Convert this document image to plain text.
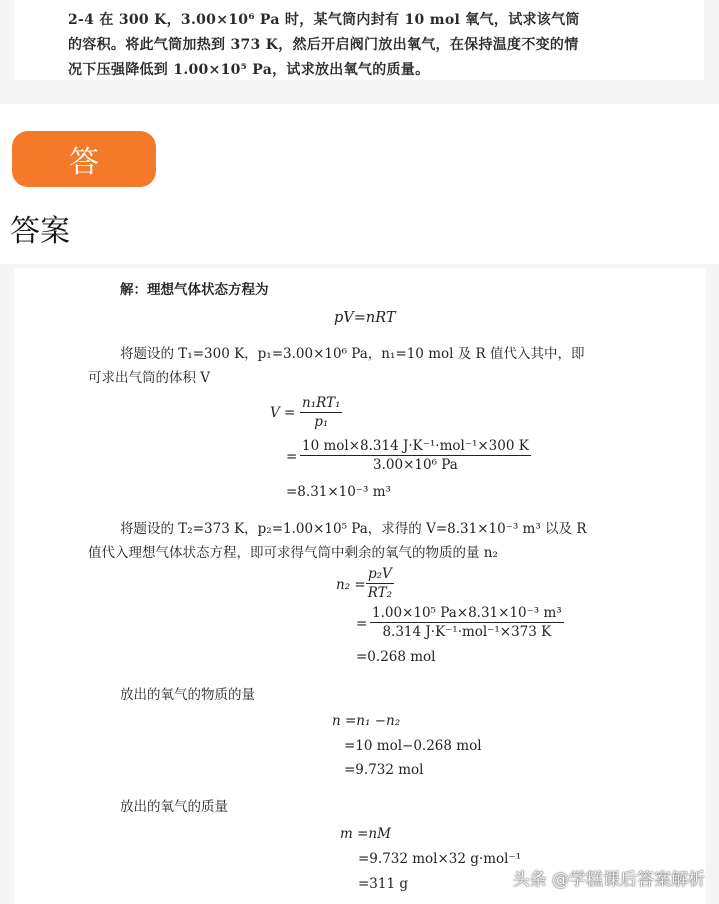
2-4 在 300 K，3.00×10⁶ Pa 时，某气筒内封有 10 mol 氧气，试求该气筒
的容积。将此气筒加热到 373 K，然后开启阀门放出氧气，在保持温度不变的情
况下压强降低到 1.00×10⁵ Pa，试求放出氧气的质量。
答
答案
解：理想气体状态方程为
pV=nRT
将题设的 T₁=300 K，p₁=3.00×10⁶ Pa，n₁=10 mol 及 R 值代入其中，即
可求出气筒的体积 V
$V = \frac{\text{n₁RT₁}}{\text{p₁}}$
=
10 mol×8.314 J·K⁻¹·mol⁻¹×300 K
3.00×10⁶ Pa
=8.31×10⁻³ m³
将题设的 T₂=373 K，p₂=1.00×10⁵ Pa，求得的 V=8.31×10⁻³ m³ 以及 R
值代入理想气体状态方程，即可求得气筒中剩余的氧气的物质的量 n₂
$n_2 = \frac{\text{p₂V}}{\text{RT₂}}$
=
1.00×10⁵ Pa×8.31×10⁻³ m³
8.314 J·K⁻¹·mol⁻¹×373 K
=0.268 mol
放出的氧气的物质的量
n =n₁ −n₂
=10 mol−0.268 mol
=9.732 mol
放出的氧气的质量
m =nM
=9.732 mol×32 g·mol⁻¹
=311 g	头条 @学糕课后答案解析
